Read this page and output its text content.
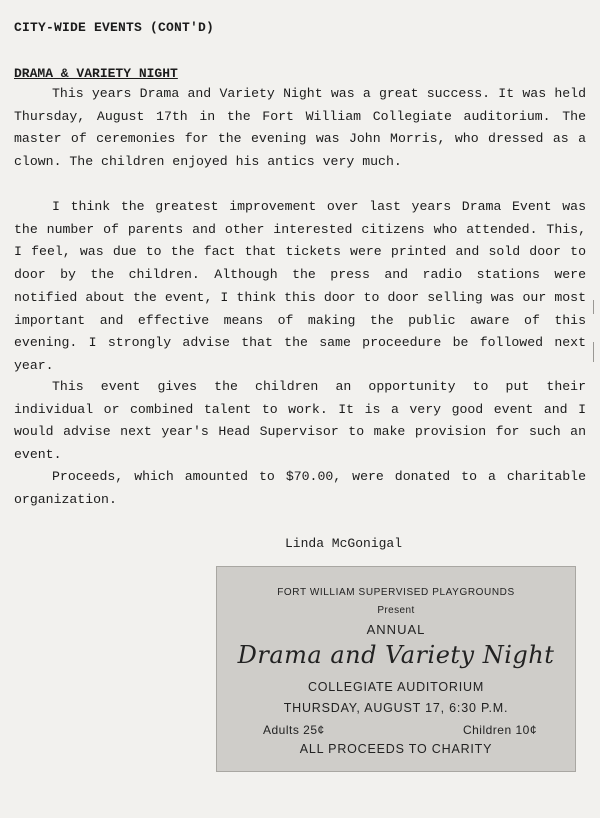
CITY-WIDE EVENTS (CONT'D)
DRAMA & VARIETY NIGHT

This years Drama and Variety Night was a great success. It was held Thursday, August 17th in the Fort William Collegiate auditorium. The master of ceremonies for the evening was John Morris, who dressed as a clown. The children enjoyed his antics very much.

I think the greatest improvement over last years Drama Event was the number of parents and other interested citizens who attended. This, I feel, was due to the fact that tickets were printed and sold door to door by the children. Although the press and radio stations were notified about the event, I think this door to door selling was our most important and effective means of making the public aware of this evening. I strongly advise that the same proceedure be followed next year.

This event gives the children an opportunity to put their individual or combined talent to work. It is a very good event and I would advise next year's Head Supervisor to make provision for such an event.

Proceeds, which amounted to $70.00, were donated to a charitable organization.

Linda McGonigal
FORT WILLIAM SUPERVISED PLAYGROUNDS
Present
ANNUAL
Drama and Variety Night
COLLEGIATE AUDITORIUM
THURSDAY, AUGUST 17, 6:30 P.M.
Adults 25¢	Children 10¢
ALL PROCEEDS TO CHARITY
